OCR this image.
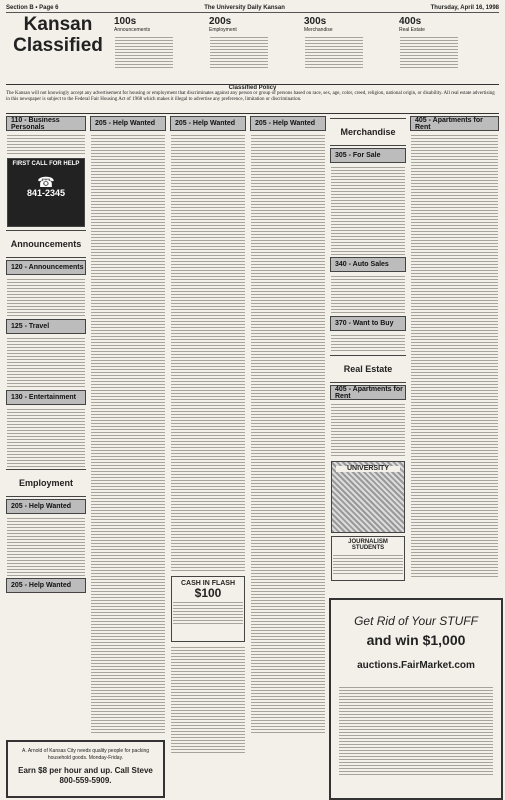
Section B • Page 6	The University Daily Kansan	Thursday, April 16, 1998
Kansan
Classified
100s
Announcements
200s
Employment
300s
Merchandise
400s
Real Estate
Classified Policy
The Kansan will not knowingly accept any advertisement for housing or employment that discriminates against any person or group of persons based on race, sex, age, color, creed, religion, national origin, or disability. All real estate advertising in this newspaper is subject to the Federal Fair Housing Act of 1968 which makes it illegal to advertise any preference, limitation or discrimination.
110 - Business Personals
FIRST CALL FOR HELP
☎
841-2345
Announcements
120 - Announcements
125 - Travel
130 - Entertainment
Employment
205 - Help Wanted
205 - Help Wanted
205 - Help Wanted	205 - Help Wanted
CASH IN FLASH
$100
205 - Help Wanted
Merchandise
305 - For Sale
340 - Auto Sales
370 - Want to Buy
Real Estate
405 - Apartments for Rent
UNIVERSITY
JOURNALISM STUDENTS
405 - Apartments for Rent
A. Arnold of Kansas City needs quality people for packing household goods. Monday-Friday.
Earn $8 per hour and up. Call Steve 800-559-5909.
Get Rid of Your STUFF
and win $1,000
auctions.FairMarket.com
